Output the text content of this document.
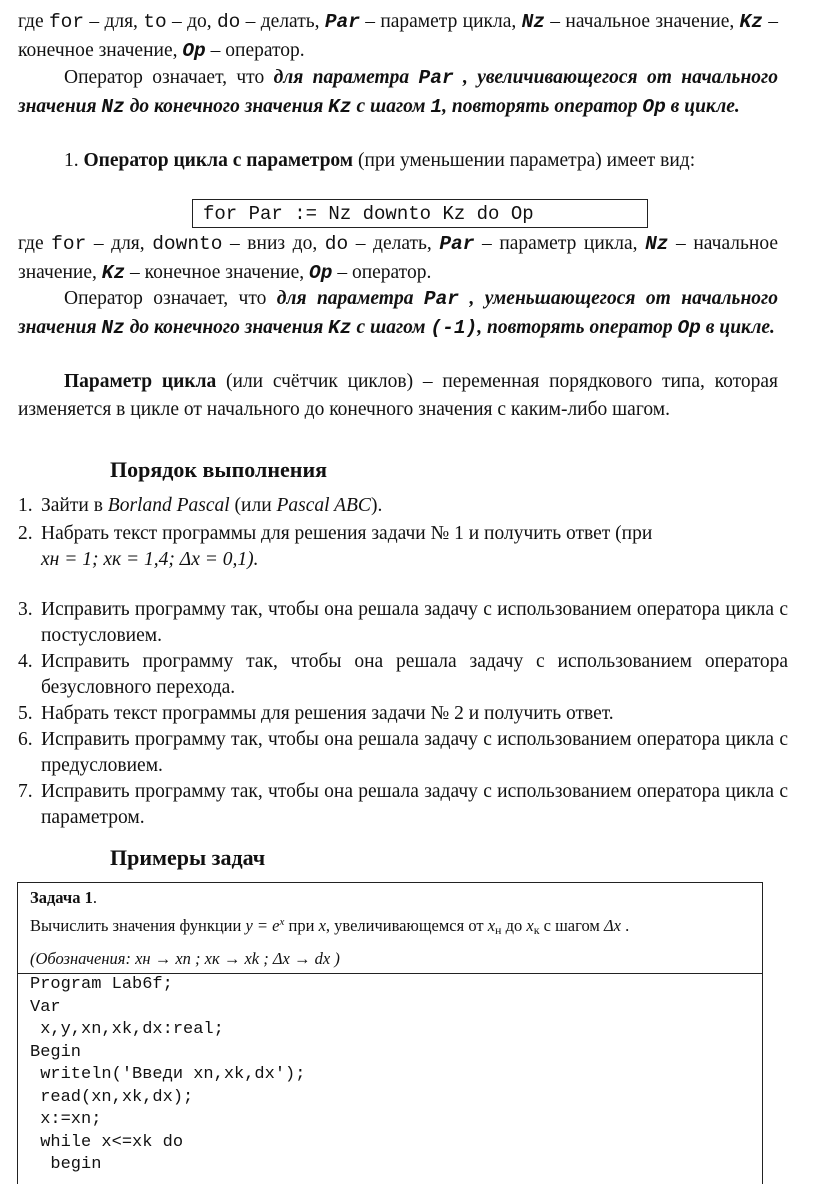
где for – для, to – до, do – делать, Par – параметр цикла, Nz – начальное значение, Kz – конечное значение, Op – оператор.

Оператор означает, что для параметра Par , увеличивающегося от начального значения Nz до конечного значения Kz с шагом 1, повторять оператор Op в цикле.

1. Оператор цикла с параметром (при уменьшении параметра) имеет вид:

for Par := Nz downto Kz do Op

где for – для, downto – вниз до, do – делать, Par – параметр цикла, Nz – начальное значение, Kz – конечное значение, Op – оператор.

Оператор означает, что для параметра Par , уменьшающегося от начального значения Nz до конечного значения Kz с шагом (-1), повторять оператор Op в цикле.

Параметр цикла (или счётчик циклов) – переменная порядкового типа, которая изменяется в цикле от начального до конечного значения с каким-либо шагом.

Порядок выполнения

1. Зайти в Borland Pascal (или Pascal ABC).

2. Набрать текст программы для решения задачи № 1 и получить ответ (при
xн = 1; xк = 1,4; Δx = 0,1).

3. Исправить программу так, чтобы она решала задачу с использованием оператора цикла с постусловием.

4. Исправить программу так, чтобы она решала задачу с использованием оператора безусловного перехода.

5. Набрать текст программы для решения задачи № 2 и получить ответ.

6. Исправить программу так, чтобы она решала задачу с использованием оператора цикла с предусловием.

7. Исправить программу так, чтобы она решала задачу с использованием оператора цикла с параметром.

Примеры задач
Задача 1.
Вычислить значения функции $y = e^x$ при x, увеличивающемся от $x_н$ до $x_к$ с шагом Δx .
(Обозначения: xн → xn ; xк → xk ; Δx → dx )
Program Lab6f;
Var
x,y,xn,xk,dx:real;
Begin
writeln('Введи xn,xk,dx');
read(xn,xk,dx);
x:=xn;
while x<=xk do
begin
